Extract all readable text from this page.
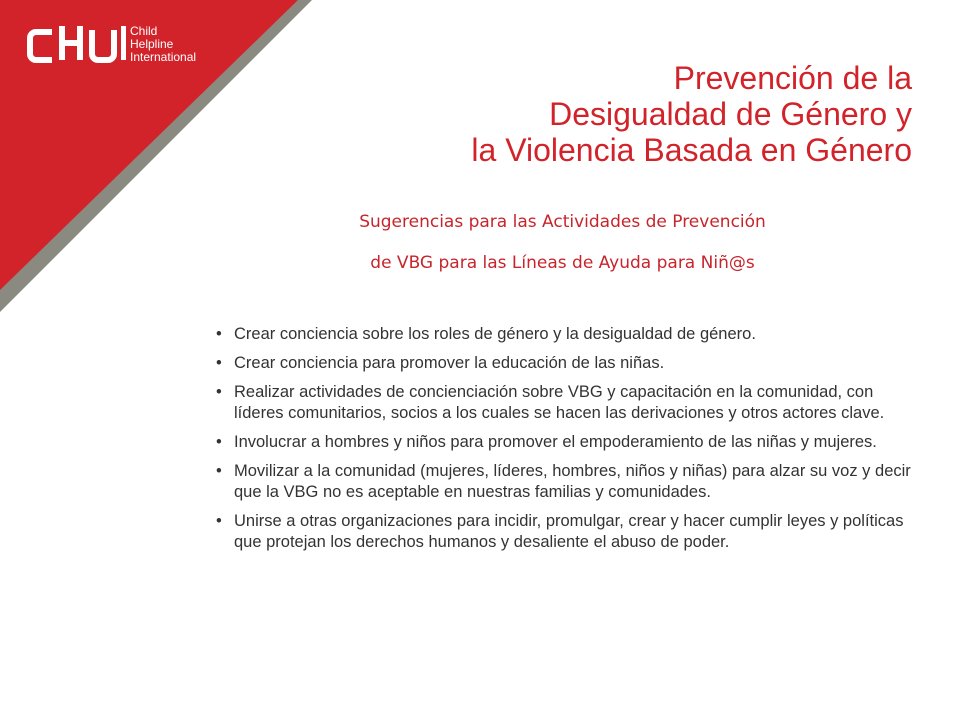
Child
Helpline
International
Prevención de la
Desigualdad de Género y
la Violencia Basada en Género
Sugerencias para las Actividades de Prevención
de VBG para las Líneas de Ayuda para Niñ@s
• Crear conciencia sobre los roles de género y la desigualdad de género.
• Crear conciencia para promover la educación de las niñas.
• Realizar actividades de concienciación sobre VBG y capacitación en la comunidad, con líderes comunitarios, socios a los cuales se hacen las derivaciones y otros actores clave.
• Involucrar a hombres y niños para promover el empoderamiento de las niñas y mujeres.
• Movilizar a la comunidad (mujeres, líderes, hombres, niños y niñas) para alzar su voz y decir que la VBG no es aceptable en nuestras familias y comunidades.
• Unirse a otras organizaciones para incidir, promulgar, crear y hacer cumplir leyes y políticas que protejan los derechos humanos y desaliente el abuso de poder.
